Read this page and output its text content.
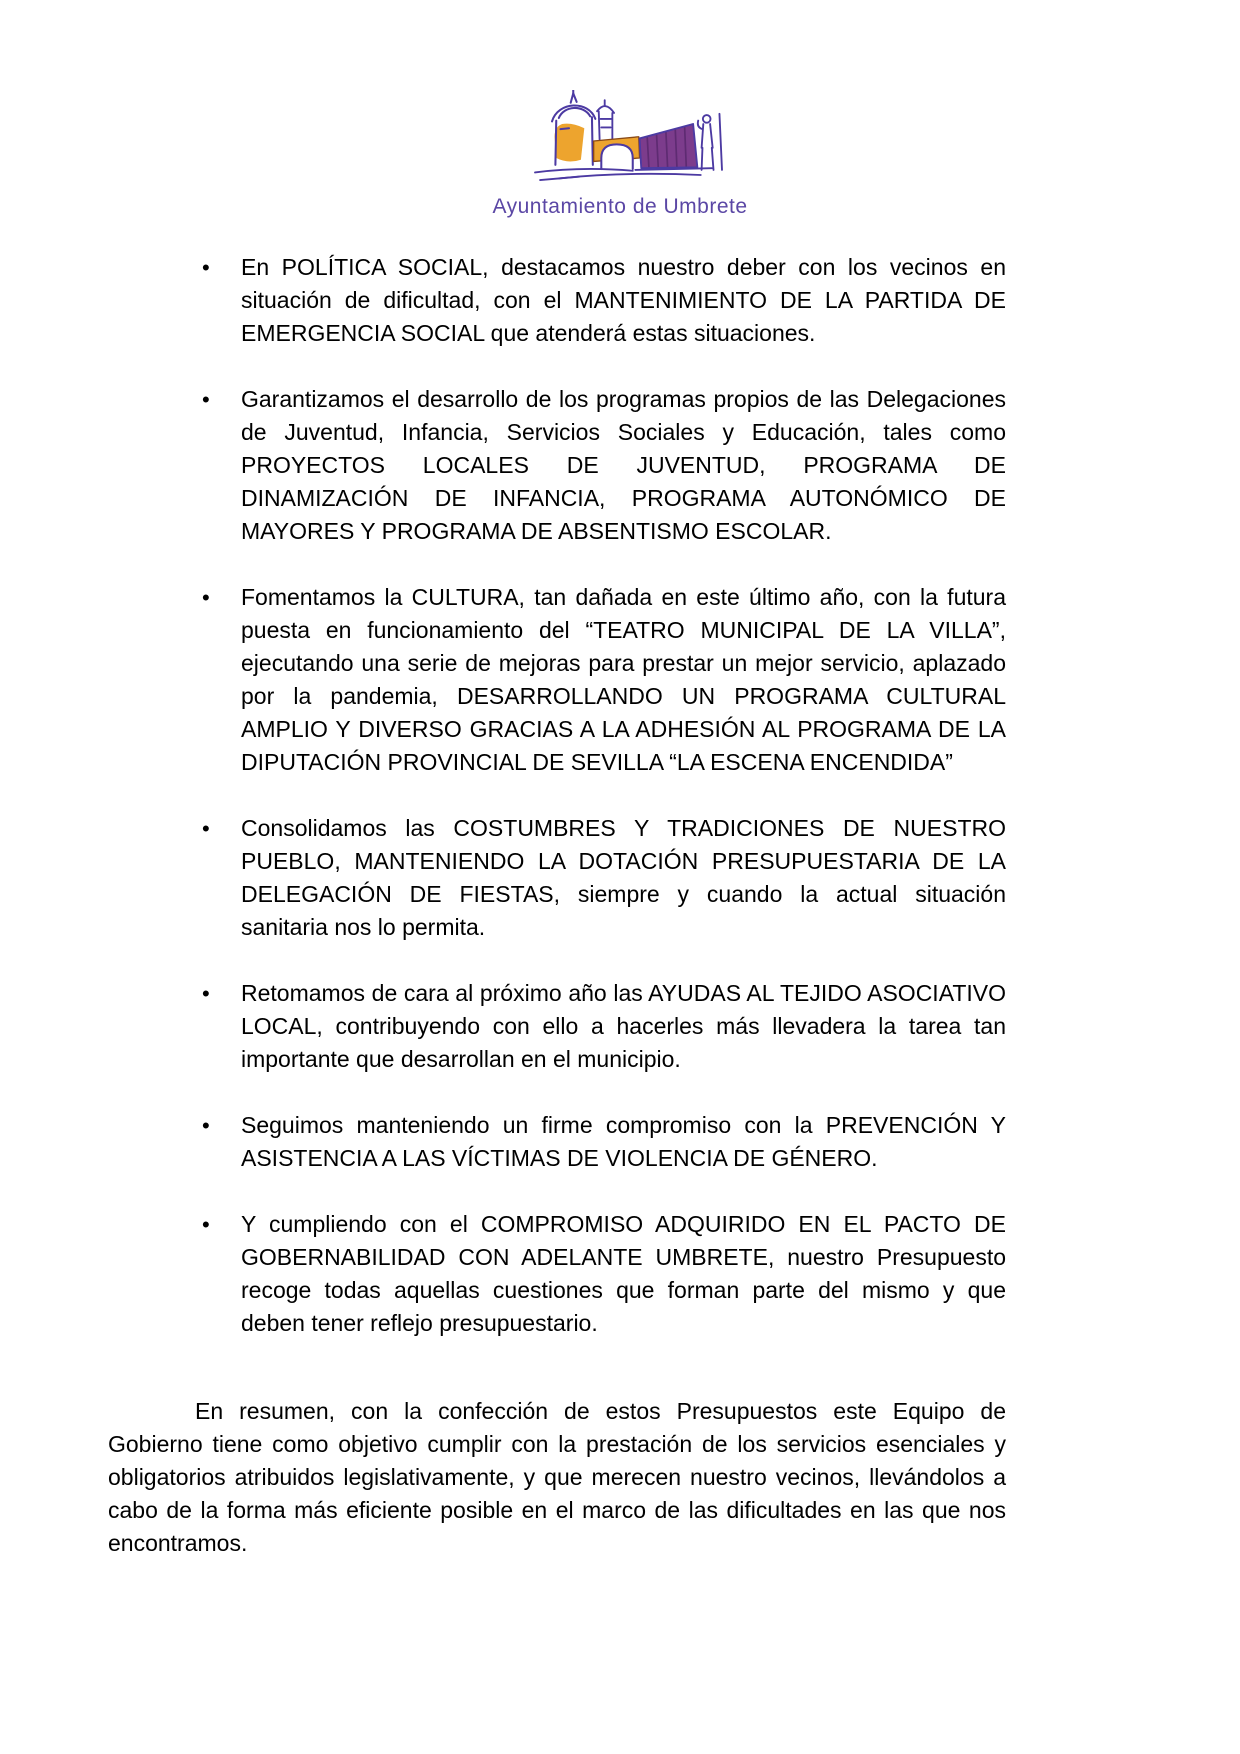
Ayuntamiento de Umbrete
• En POLÍTICA SOCIAL, destacamos nuestro deber con los vecinos en situación de dificultad, con el MANTENIMIENTO DE LA PARTIDA DE EMERGENCIA SOCIAL que atenderá estas situaciones.

• Garantizamos el desarrollo de los programas propios de las Delegaciones de Juventud, Infancia, Servicios Sociales y Educación, tales como PROYECTOS LOCALES DE JUVENTUD, PROGRAMA DE DINAMIZACIÓN DE INFANCIA, PROGRAMA AUTONÓMICO DE MAYORES Y PROGRAMA DE ABSENTISMO ESCOLAR.

• Fomentamos la CULTURA, tan dañada en este último año, con la futura puesta en funcionamiento del “TEATRO MUNICIPAL DE LA VILLA”, ejecutando una serie de mejoras para prestar un mejor servicio, aplazado por la pandemia, DESARROLLANDO UN PROGRAMA CULTURAL AMPLIO Y DIVERSO GRACIAS A LA ADHESIÓN AL PROGRAMA DE LA DIPUTACIÓN PROVINCIAL DE SEVILLA “LA ESCENA ENCENDIDA”

• Consolidamos las COSTUMBRES Y TRADICIONES DE NUESTRO PUEBLO, MANTENIENDO LA DOTACIÓN PRESUPUESTARIA DE LA DELEGACIÓN DE FIESTAS, siempre y cuando la actual situación sanitaria nos lo permita.

• Retomamos de cara al próximo año las AYUDAS AL TEJIDO ASOCIATIVO LOCAL, contribuyendo con ello a hacerles más llevadera la tarea tan importante que desarrollan en el municipio.

• Seguimos manteniendo un firme compromiso con la PREVENCIÓN Y ASISTENCIA A LAS VÍCTIMAS DE VIOLENCIA DE GÉNERO.

• Y cumpliendo con el COMPROMISO ADQUIRIDO EN EL PACTO DE GOBERNABILIDAD CON ADELANTE UMBRETE, nuestro Presupuesto recoge todas aquellas cuestiones que forman parte del mismo y que deben tener reflejo presupuestario.

En resumen, con la confección de estos Presupuestos este Equipo de Gobierno tiene como objetivo cumplir con la prestación de los servicios esenciales y obligatorios atribuidos legislativamente, y que merecen nuestro vecinos, llevándolos a cabo de la forma más eficiente posible en el marco de las dificultades en las que nos encontramos.
